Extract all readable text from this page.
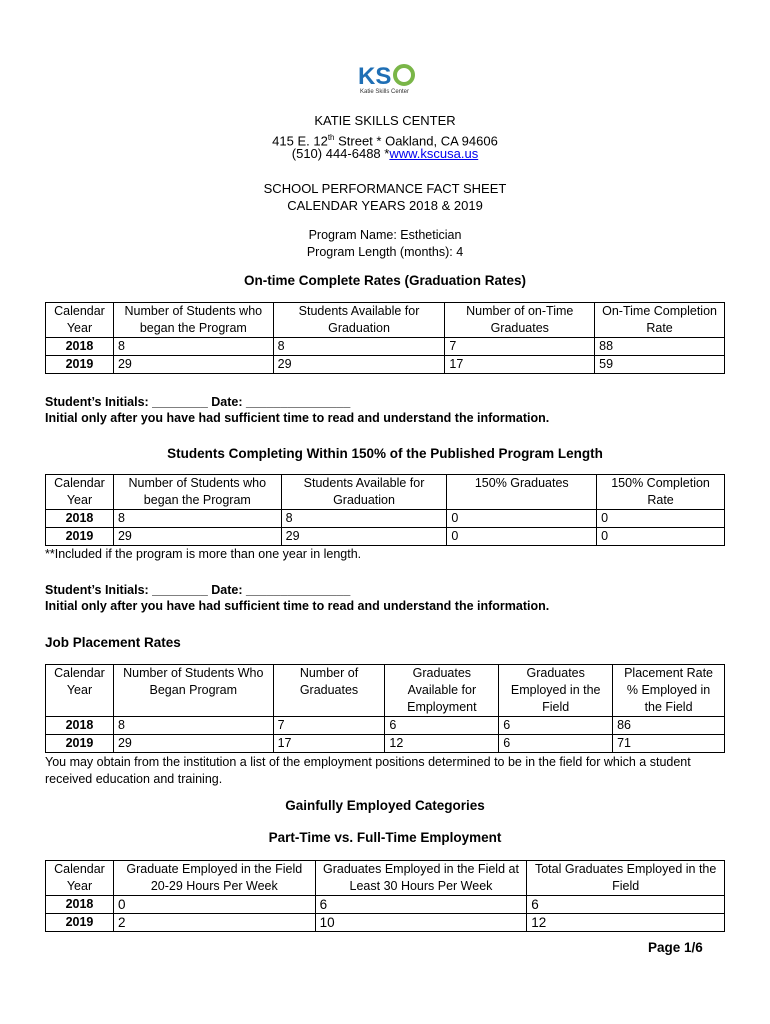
KS
Katie Skills Center
KATIE SKILLS CENTER
415 E. 12th Street * Oakland, CA 94606
(510) 444-6488 *www.kscusa.us
SCHOOL PERFORMANCE FACT SHEET
CALENDAR YEARS 2018 & 2019
Program Name: Esthetician
Program Length (months): 4
On-time Complete Rates (Graduation Rates)
Calendar Year	Number of Students who began the Program	Students Available for Graduation	Number of on-Time Graduates	On-Time Completion Rate
2018	8	8	7	88
2019	29	29	17	59
Student’s Initials: ________ Date: _______________
Initial only after you have had sufficient time to read and understand the information.
Students Completing Within 150% of the Published Program Length
Calendar Year	Number of Students who began the Program	Students Available for Graduation	150% Graduates	150% Completion Rate
2018	8	8	0	0
2019	29	29	0	0
**Included if the program is more than one year in length.
Student’s Initials: ________ Date: _______________
Initial only after you have had sufficient time to read and understand the information.
Job Placement Rates
Calendar Year	Number of Students Who Began Program	Number of Graduates	Graduates Available for Employment	Graduates Employed in the Field	Placement Rate % Employed in the Field
2018	8	7	6	6	86
2019	29	17	12	6	71
You may obtain from the institution a list of the employment positions determined to be in the field for which a student received education and training.
Gainfully Employed Categories
Part-Time vs. Full-Time Employment
Calendar Year	Graduate Employed in the Field 20-29 Hours Per Week	Graduates Employed in the Field at Least 30 Hours Per Week	Total Graduates Employed in the Field
2018	0	6	6
2019	2	10	12
Page 1/6
